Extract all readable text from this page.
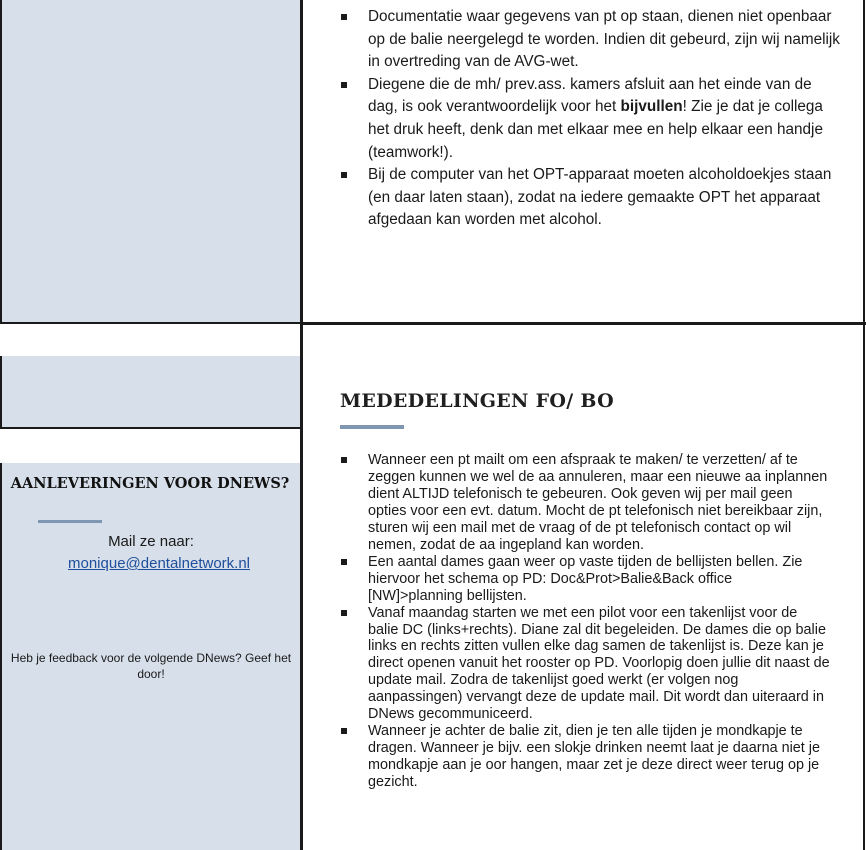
Documentatie waar gegevens van pt op staan, dienen niet openbaar op de balie neergelegd te worden. Indien dit gebeurd, zijn wij namelijk in overtreding van de AVG-wet.
Diegene die de mh/ prev.ass. kamers afsluit aan het einde van de dag, is ook verantwoordelijk voor het bijvullen! Zie je dat je collega het druk heeft, denk dan met elkaar mee en help elkaar een handje (teamwork!).
Bij de computer van het OPT-apparaat moeten alcoholdoekjes staan (en daar laten staan), zodat na iedere gemaakte OPT het apparaat afgedaan kan worden met alcohol.
MEDEDELINGEN FO/ BO
Wanneer een pt mailt om een afspraak te maken/ te verzetten/ af te zeggen kunnen we wel de aa annuleren, maar een nieuwe aa inplannen dient ALTIJD telefonisch te gebeuren. Ook geven wij per mail geen opties voor een evt. datum. Mocht de pt telefonisch niet bereikbaar zijn, sturen wij een mail met de vraag of de pt telefonisch contact op wil nemen, zodat de aa ingepland kan worden.
Een aantal dames gaan weer op vaste tijden de bellijsten bellen. Zie hiervoor het schema op PD: Doc&Prot>Balie&Back office [NW]>planning bellijsten.
Vanaf maandag starten we met een pilot voor een takenlijst voor de balie DC (links+rechts). Diane zal dit begeleiden. De dames die op balie links en rechts zitten vullen elke dag samen de takenlijst is. Deze kan je direct openen vanuit het rooster op PD. Voorlopig doen jullie dit naast de update mail. Zodra de takenlijst goed werkt (er volgen nog aanpassingen) vervangt deze de update mail. Dit wordt dan uiteraard in DNews gecommuniceerd.
Wanneer je achter de balie zit, dien je ten alle tijden je mondkapje te dragen. Wanneer je bijv. een slokje drinken neemt laat je daarna niet je mondkapje aan je oor hangen, maar zet je deze direct weer terug op je gezicht.
AANLEVERINGEN VOOR DNEWS?
Mail ze naar:
monique@dentalnetwork.nl
Heb je feedback voor de volgende DNews? Geef het door!
